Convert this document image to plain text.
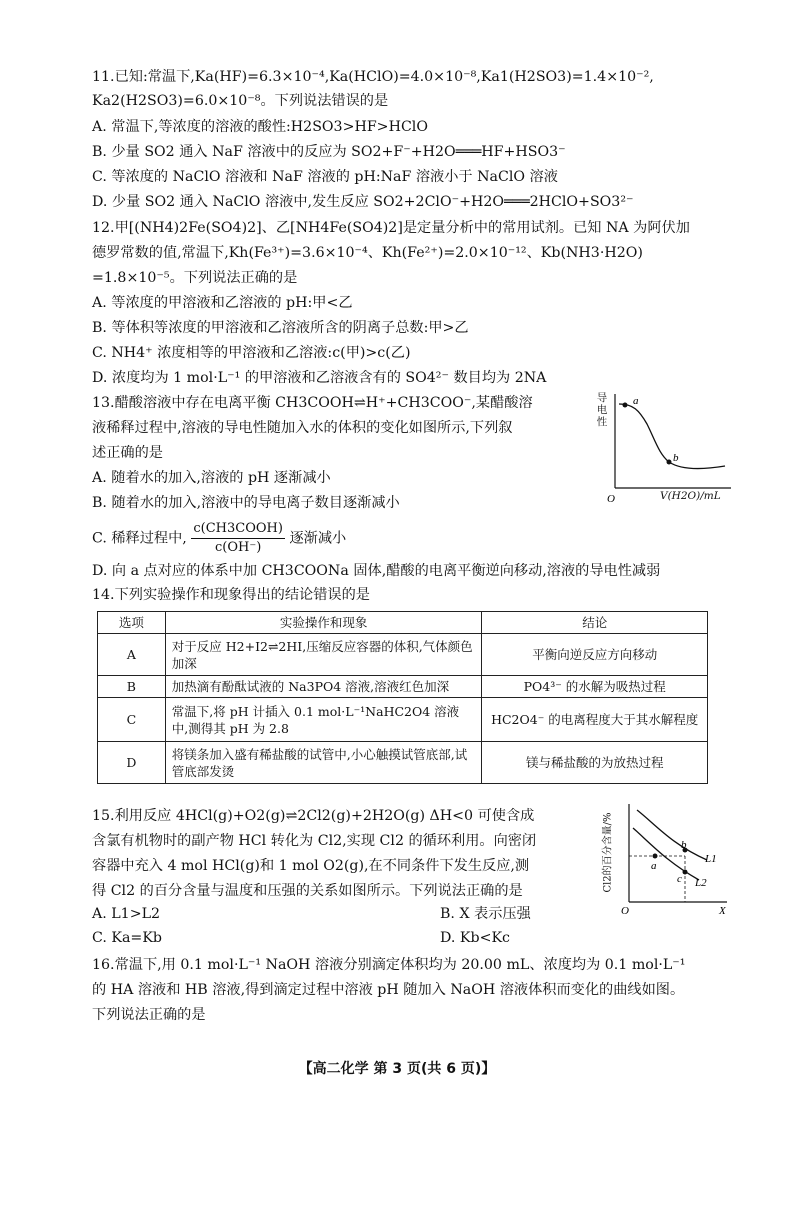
11.已知:常温下,Ka(HF)=6.3×10⁻⁴,Ka(HClO)=4.0×10⁻⁸,Ka1(H2SO3)=1.4×10⁻²,
Ka2(H2SO3)=6.0×10⁻⁸。下列说法错误的是
A. 常温下,等浓度的溶液的酸性:H2SO3>HF>HClO
B. 少量 SO2 通入 NaF 溶液中的反应为 SO2+F⁻+H2O═══HF+HSO3⁻
C. 等浓度的 NaClO 溶液和 NaF 溶液的 pH:NaF 溶液小于 NaClO 溶液
D. 少量 SO2 通入 NaClO 溶液中,发生反应 SO2+2ClO⁻+H2O═══2HClO+SO3²⁻
12.甲[(NH4)2Fe(SO4)2]、乙[NH4Fe(SO4)2]是定量分析中的常用试剂。已知 NA 为阿伏加
德罗常数的值,常温下,Kh(Fe³⁺)=3.6×10⁻⁴、Kh(Fe²⁺)=2.0×10⁻¹²、Kb(NH3·H2O)
=1.8×10⁻⁵。下列说法正确的是
A. 等浓度的甲溶液和乙溶液的 pH:甲<乙
B. 等体积等浓度的甲溶液和乙溶液所含的阴离子总数:甲>乙
C. NH4⁺ 浓度相等的甲溶液和乙溶液:c(甲)>c(乙)
D. 浓度均为 1 mol·L⁻¹ 的甲溶液和乙溶液含有的 SO4²⁻ 数目均为 2NA
13.醋酸溶液中存在电离平衡 CH3COOH⇌H⁺+CH3COO⁻,某醋酸溶
液稀释过程中,溶液的导电性随加入水的体积的变化如图所示,下列叙
述正确的是
A. 随着水的加入,溶液的 pH 逐渐减小
B. 随着水的加入,溶液中的导电离子数目逐渐减小
C. 稀释过程中,
c(CH3COOH)
c(OH⁻)
逐渐减小
D. 向 a 点对应的体系中加 CH3COONa 固体,醋酸的电离平衡逆向移动,溶液的导电性减弱
a
b
O
导电性
V(H2O)/mL
14.下列实验操作和现象得出的结论错误的是
选项	实验操作和现象	结论
A	对于反应 H2+I2⇌2HI,压缩反应容器的体积,气体颜色加深	平衡向逆反应方向移动
B	加热滴有酚酞试液的 Na3PO4 溶液,溶液红色加深	PO4³⁻ 的水解为吸热过程
C	常温下,将 pH 计插入 0.1 mol·L⁻¹NaHC2O4 溶液中,测得其 pH 为 2.8	HC2O4⁻ 的电离程度大于其水解程度
D	将镁条加入盛有稀盐酸的试管中,小心触摸试管底部,试管底部发烫	镁与稀盐酸的为放热过程
15.利用反应 4HCl(g)+O2(g)⇌2Cl2(g)+2H2O(g) ΔH<0 可使含成
含氯有机物时的副产物 HCl 转化为 Cl2,实现 Cl2 的循环利用。向密闭
容器中充入 4 mol HCl(g)和 1 mol O2(g),在不同条件下发生反应,测
得 Cl2 的百分含量与温度和压强的关系如图所示。下列说法正确的是
A. L1>L2	B. X 表示压强
C. Ka=Kb	D. Kb<Kc
a
b
c
L1
L2
O	X
Cl2的百分含量/%
16.常温下,用 0.1 mol·L⁻¹ NaOH 溶液分别滴定体积均为 20.00 mL、浓度均为 0.1 mol·L⁻¹
的 HA 溶液和 HB 溶液,得到滴定过程中溶液 pH 随加入 NaOH 溶液体积而变化的曲线如图。
下列说法正确的是
【高二化学 第 3 页(共 6 页)】
